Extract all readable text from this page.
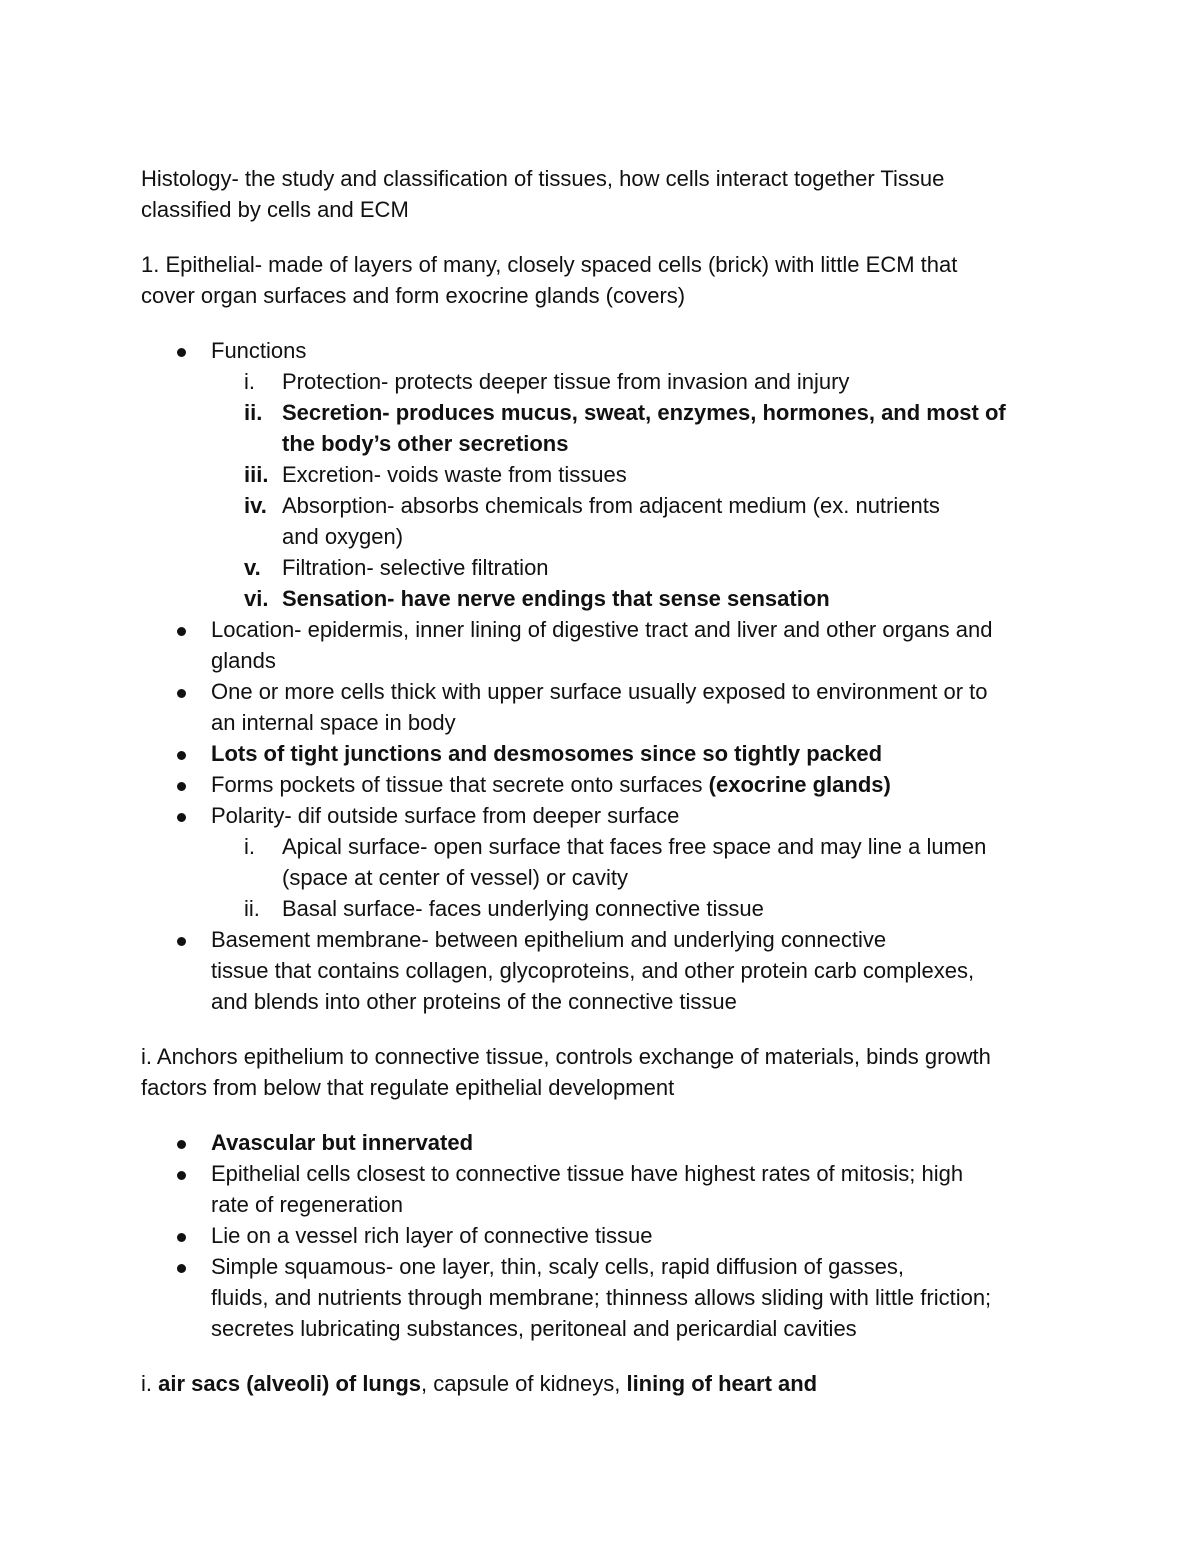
Histology- the study and classification of tissues, how cells interact together Tissue

classified by cells and ECM

1. Epithelial- made of layers of many, closely spaced cells (brick) with little ECM that

cover organ surfaces and form exocrine glands (covers)

Functions

i. Protection- protects deeper tissue from invasion and injury

ii. Secretion- produces mucus, sweat, enzymes, hormones, and most of

the body’s other secretions

iii. Excretion- voids waste from tissues

iv. Absorption- absorbs chemicals from adjacent medium (ex. nutrients

and oxygen)

v. Filtration- selective filtration

vi. Sensation- have nerve endings that sense sensation

Location- epidermis, inner lining of digestive tract and liver and other organs and

glands

One or more cells thick with upper surface usually exposed to environment or to

an internal space in body

Lots of tight junctions and desmosomes since so tightly packed

Forms pockets of tissue that secrete onto surfaces (exocrine glands)

Polarity- dif outside surface from deeper surface

i. Apical surface- open surface that faces free space and may line a lumen

(space at center of vessel) or cavity

ii. Basal surface- faces underlying connective tissue

Basement membrane- between epithelium and underlying connective

tissue that contains collagen, glycoproteins, and other protein carb complexes,

and blends into other proteins of the connective tissue

i. Anchors epithelium to connective tissue, controls exchange of materials, binds growth

factors from below that regulate epithelial development

Avascular but innervated

Epithelial cells closest to connective tissue have highest rates of mitosis; high

rate of regeneration

Lie on a vessel rich layer of connective tissue

Simple squamous- one layer, thin, scaly cells, rapid diffusion of gasses,

fluids, and nutrients through membrane; thinness allows sliding with little friction;

secretes lubricating substances, peritoneal and pericardial cavities

i. air sacs (alveoli) of lungs, capsule of kidneys, lining of heart and
